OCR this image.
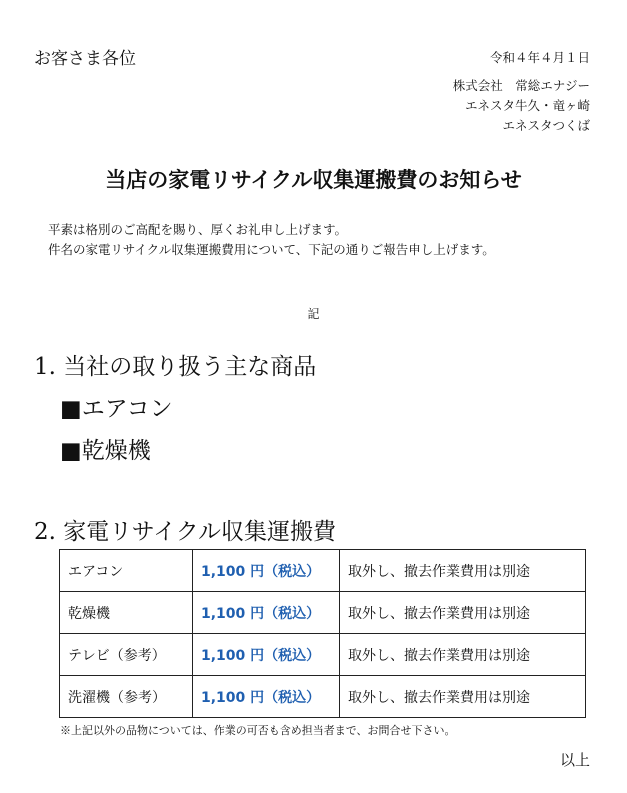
お客さま各位	令和４年４月１日
株式会社　常総エナジー
エネスタ牛久・竜ヶ崎
エネスタつくば
当店の家電リサイクル収集運搬費のお知らせ
平素は格別のご高配を賜り、厚くお礼申し上げます。
件名の家電リサイクル収集運搬費用について、下記の通りご報告申し上げます。
記
1. 当社の取り扱う主な商品
■エアコン
■乾燥機
2. 家電リサイクル収集運搬費
エアコン	1,100 円（税込）	取外し、撤去作業費用は別途
乾燥機	1,100 円（税込）	取外し、撤去作業費用は別途
テレビ（参考）	1,100 円（税込）	取外し、撤去作業費用は別途
洗濯機（参考）	1,100 円（税込）	取外し、撤去作業費用は別途
※上記以外の品物については、作業の可否も含め担当者まで、お問合せ下さい。
以上
